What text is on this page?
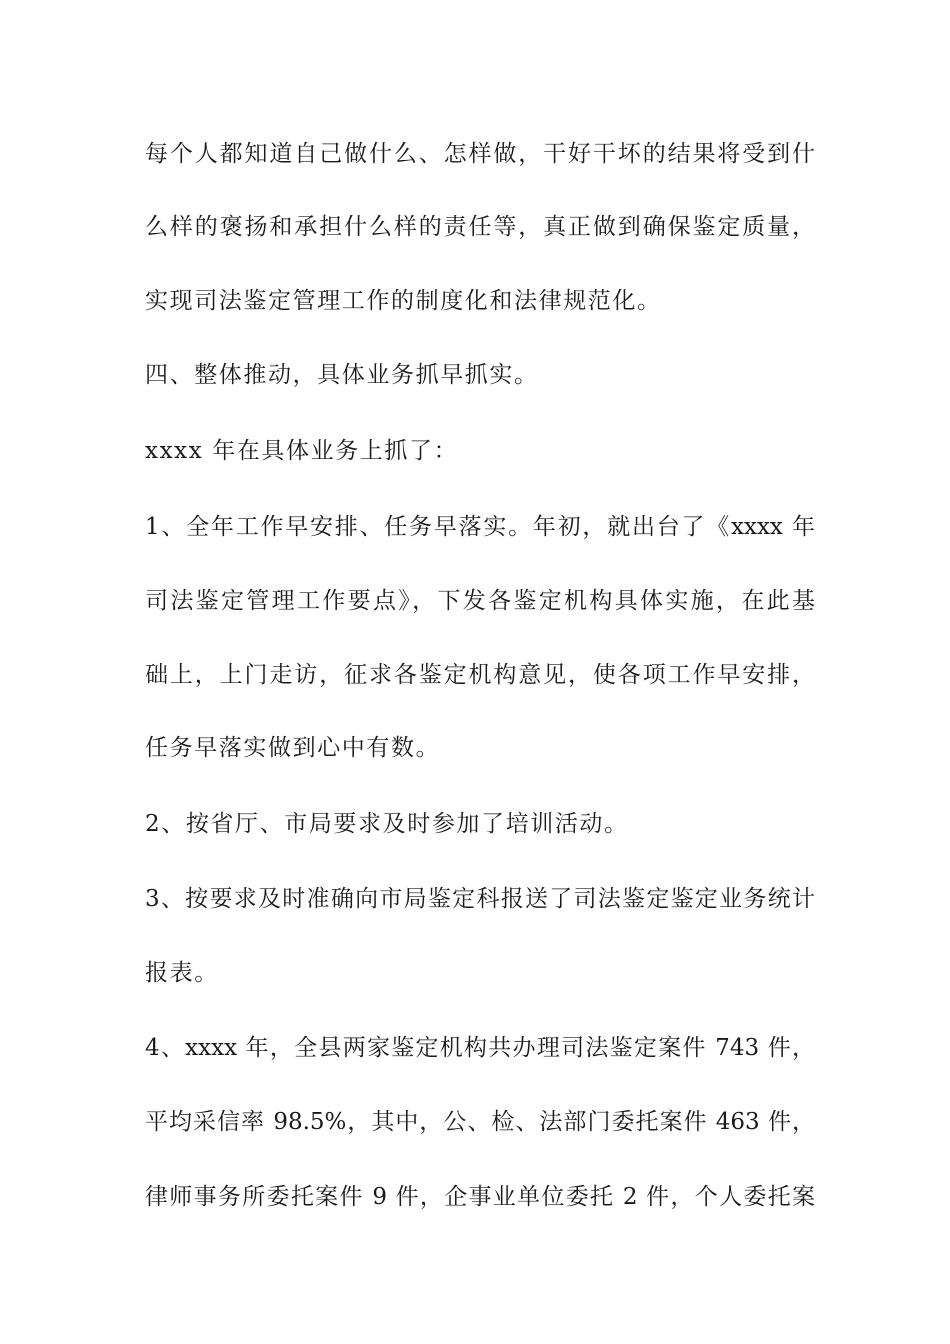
每个人都知道自己做什么、怎样做，干好干坏的结果将受到什

么样的褒扬和承担什么样的责任等，真正做到确保鉴定质量，

实现司法鉴定管理工作的制度化和法律规范化。

四、整体推动，具体业务抓早抓实。

xxxx 年在具体业务上抓了：

1、全年工作早安排、任务早落实。年初，就出台了《xxxx 年

司法鉴定管理工作要点》，下发各鉴定机构具体实施，在此基

础上，上门走访，征求各鉴定机构意见，使各项工作早安排，

任务早落实做到心中有数。

2、按省厅、市局要求及时参加了培训活动。

3、按要求及时准确向市局鉴定科报送了司法鉴定鉴定业务统计

报表。

4、xxxx 年，全县两家鉴定机构共办理司法鉴定案件 743 件，

平均采信率 98.5%，其中，公、检、法部门委托案件 463 件，

律师事务所委托案件 9 件，企事业单位委托 2 件，个人委托案
